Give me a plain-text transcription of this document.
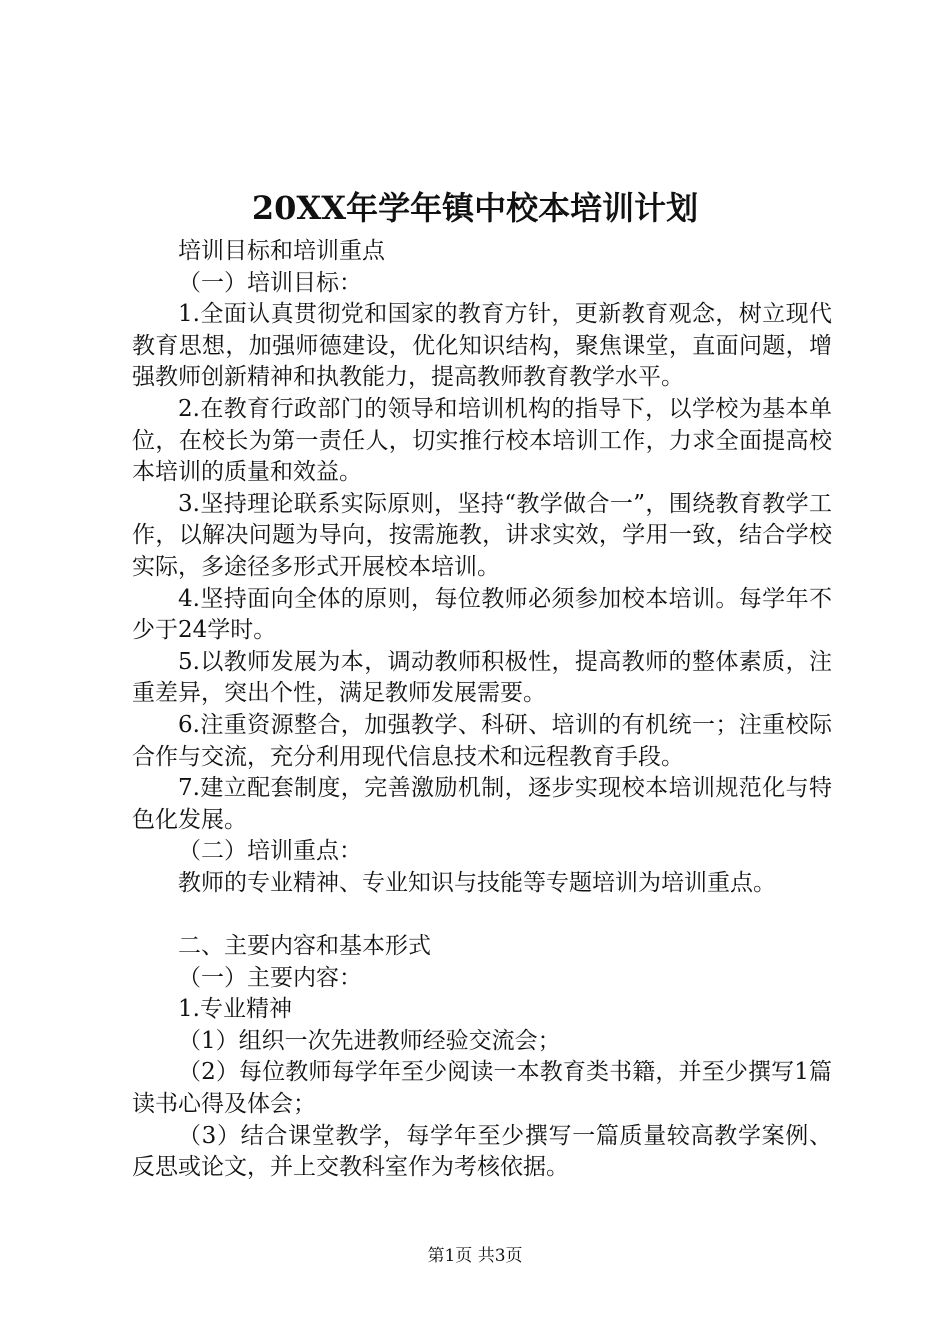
20XX年学年镇中校本培训计划

培训目标和培训重点

（一）培训目标：

1.全面认真贯彻党和国家的教育方针，更新教育观念，树立现代教育思想，加强师德建设，优化知识结构，聚焦课堂，直面问题，增强教师创新精神和执教能力，提高教师教育教学水平。

2.在教育行政部门的领导和培训机构的指导下，以学校为基本单位，在校长为第一责任人，切实推行校本培训工作，力求全面提高校本培训的质量和效益。

3.坚持理论联系实际原则，坚持“教学做合一”，围绕教育教学工作，以解决问题为导向，按需施教，讲求实效，学用一致，结合学校实际，多途径多形式开展校本培训。

4.坚持面向全体的原则，每位教师必须参加校本培训。每学年不少于24学时。

5.以教师发展为本，调动教师积极性，提高教师的整体素质，注重差异，突出个性，满足教师发展需要。

6.注重资源整合，加强教学、科研、培训的有机统一；注重校际合作与交流，充分利用现代信息技术和远程教育手段。

7.建立配套制度，完善激励机制，逐步实现校本培训规范化与特色化发展。

（二）培训重点：

教师的专业精神、专业知识与技能等专题培训为培训重点。

二、主要内容和基本形式

（一）主要内容：

1.专业精神

（1）组织一次先进教师经验交流会；

（2）每位教师每学年至少阅读一本教育类书籍，并至少撰写1篇读书心得及体会；

（3）结合课堂教学，每学年至少撰写一篇质量较高教学案例、反思或论文，并上交教科室作为考核依据。

第1页 共3页
